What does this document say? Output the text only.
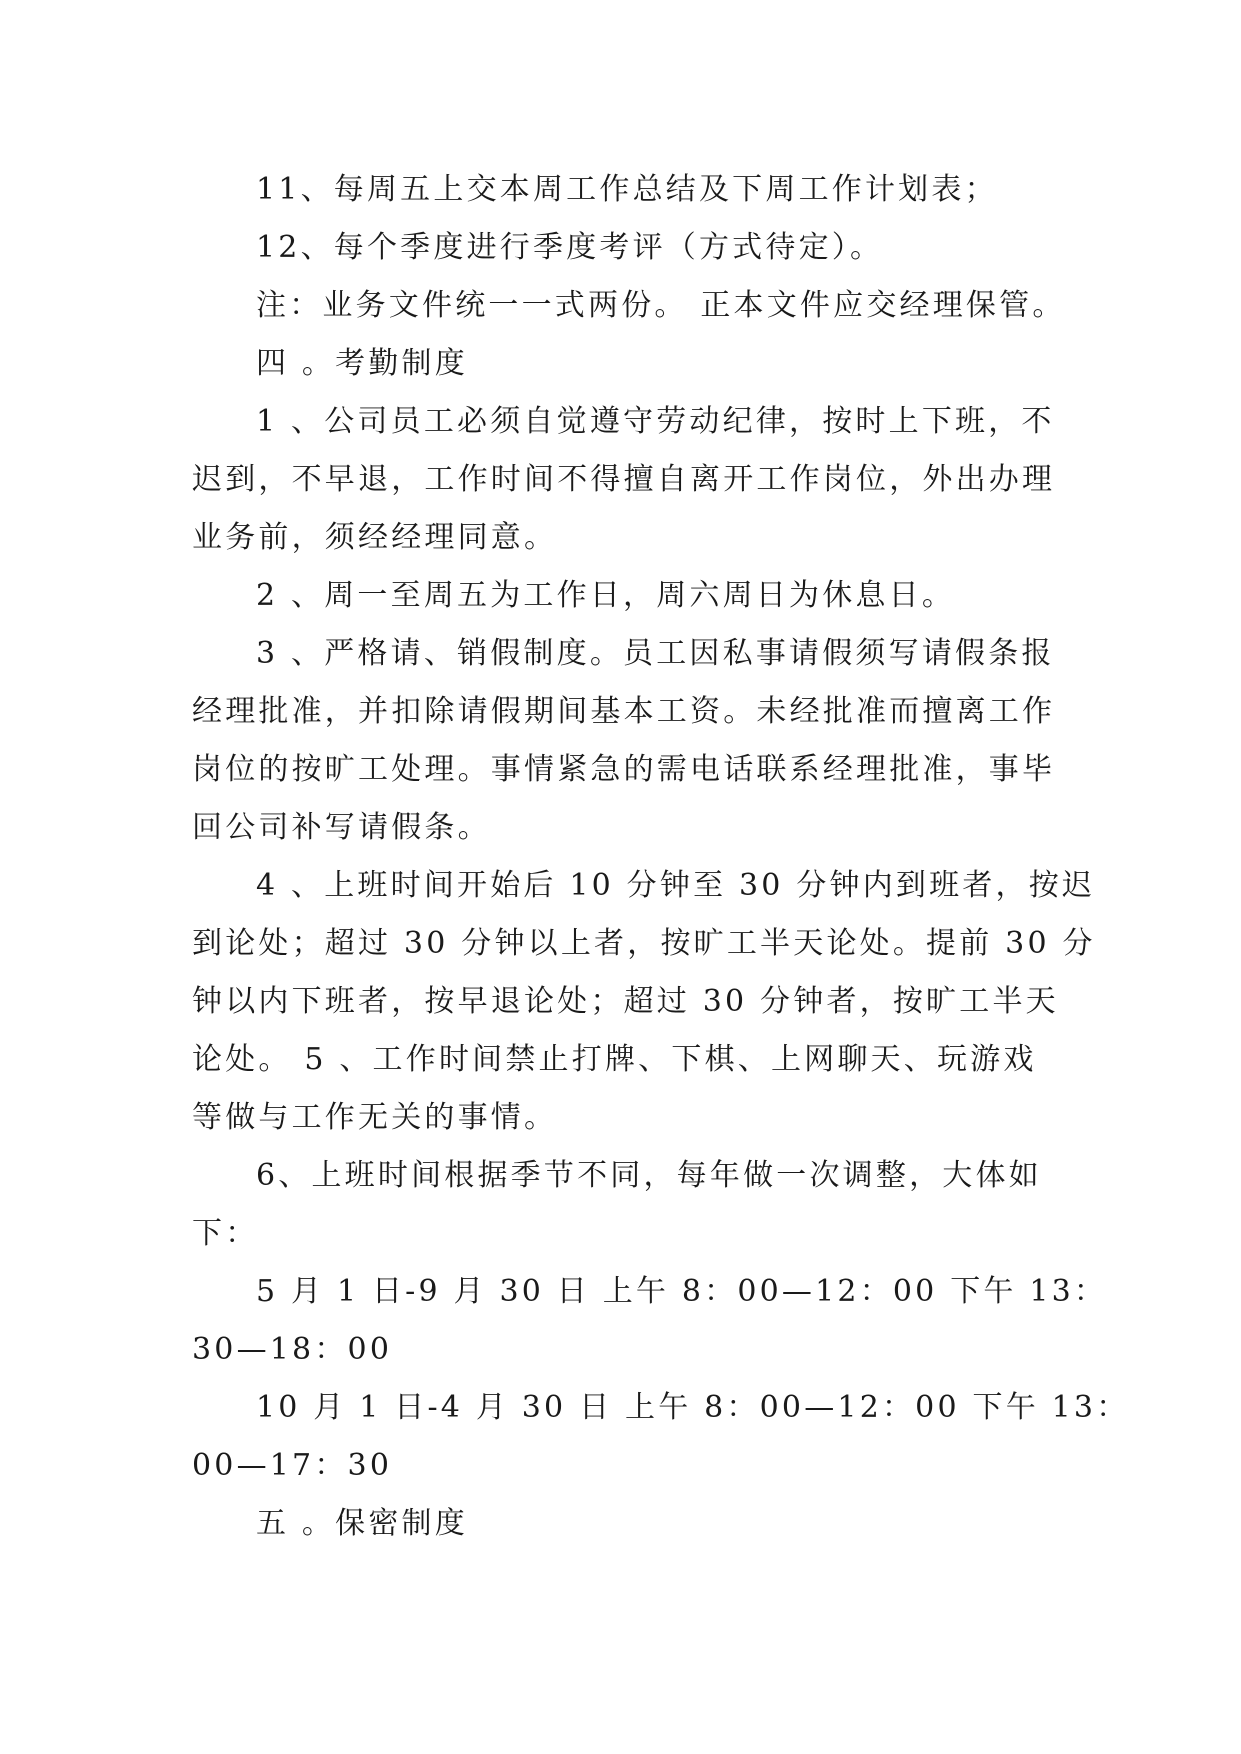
11、每周五上交本周工作总结及下周工作计划表；
12、每个季度进行季度考评（方式待定）。
注：业务文件统一一式两份。 正本文件应交经理保管。
四 。考勤制度
1 、公司员工必须自觉遵守劳动纪律，按时上下班，不
迟到，不早退，工作时间不得擅自离开工作岗位，外出办理
业务前，须经经理同意。
2 、周一至周五为工作日，周六周日为休息日。
3 、严格请、销假制度。员工因私事请假须写请假条报
经理批准，并扣除请假期间基本工资。未经批准而擅离工作
岗位的按旷工处理。事情紧急的需电话联系经理批准，事毕
回公司补写请假条。
4 、上班时间开始后 10 分钟至 30 分钟内到班者，按迟
到论处；超过 30 分钟以上者，按旷工半天论处。提前 30 分
钟以内下班者，按早退论处；超过 30 分钟者，按旷工半天
论处。 5 、工作时间禁止打牌、下棋、上网聊天、玩游戏
等做与工作无关的事情。
6、上班时间根据季节不同，每年做一次调整，大体如
下：
5 月 1 日-9 月 30 日 上午 8：00—12：00 下午 13：
30—18：00
10 月 1 日-4 月 30 日 上午 8：00—12：00 下午 13：
00—17：30
五 。保密制度
